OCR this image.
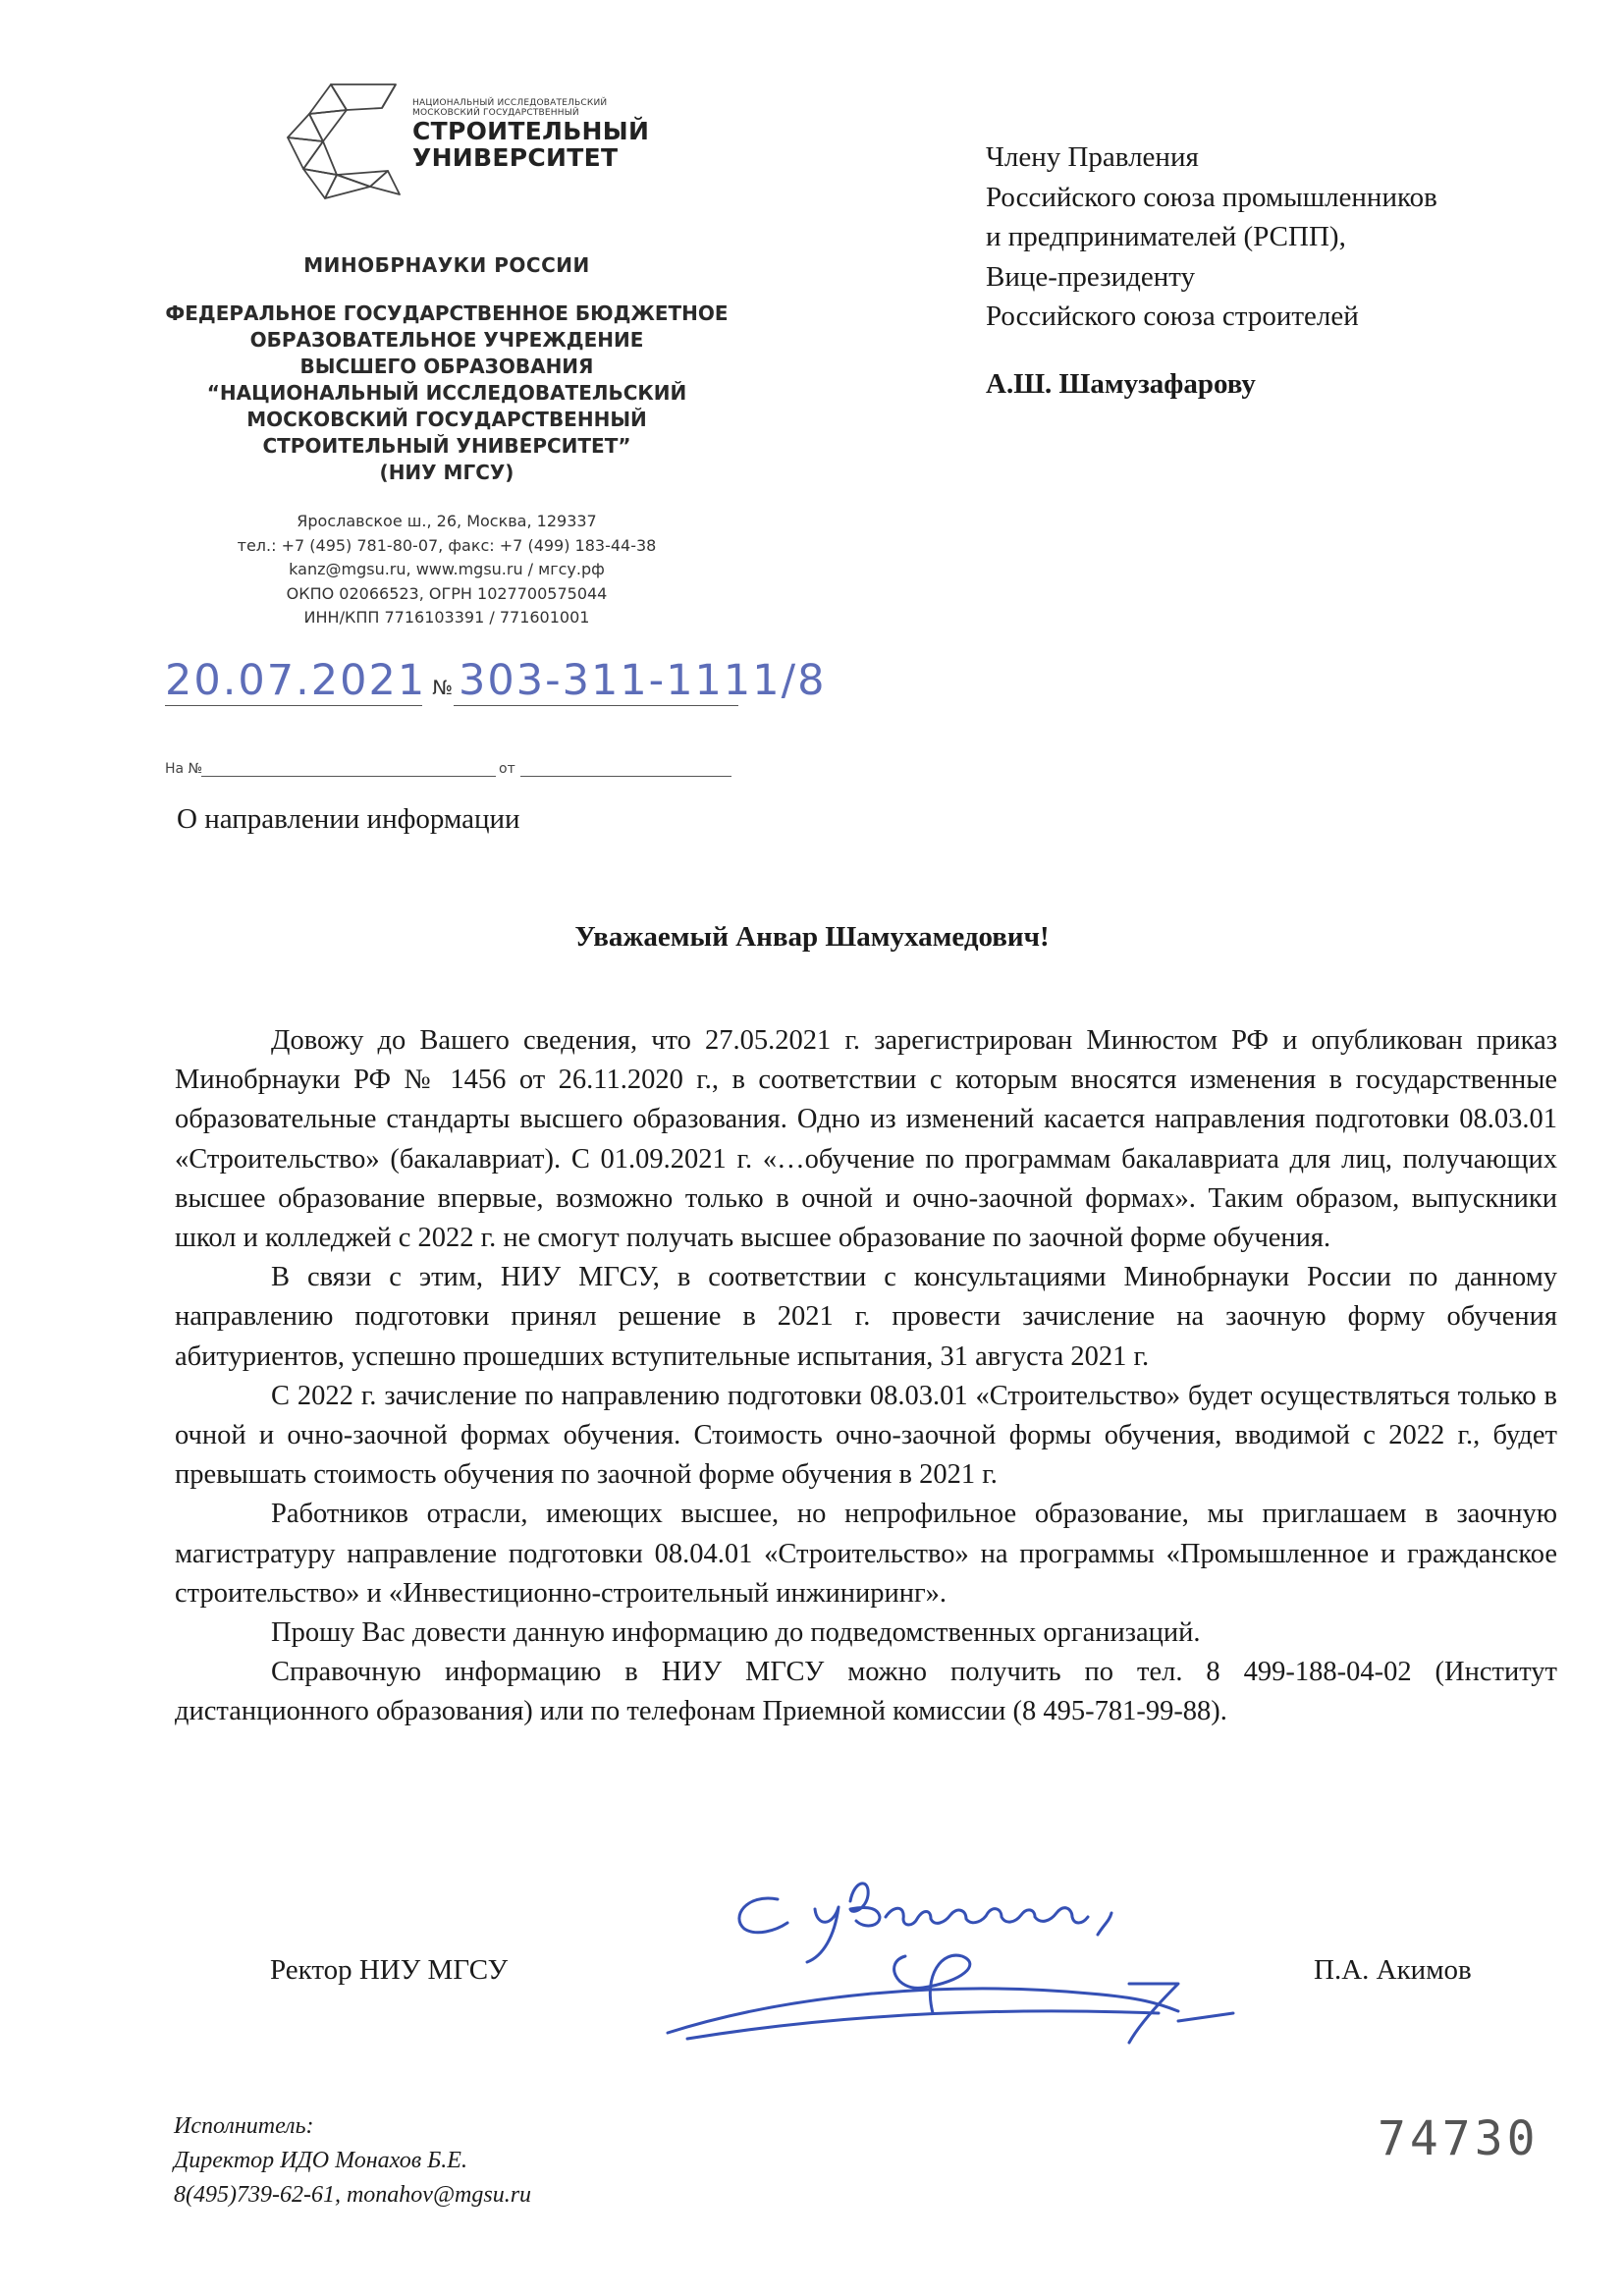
НАЦИОНАЛЬНЫЙ ИССЛЕДОВАТЕЛЬСКИЙ
МОСКОВСКИЙ ГОСУДАРСТВЕННЫЙ
СТРОИТЕЛЬНЫЙ
УНИВЕРСИТЕТ
МИНОБРНАУКИ РОССИИ
ФЕДЕРАЛЬНОЕ ГОСУДАРСТВЕННОЕ БЮДЖЕТНОЕ
ОБРАЗОВАТЕЛЬНОЕ УЧРЕЖДЕНИЕ
ВЫСШЕГО ОБРАЗОВАНИЯ
“НАЦИОНАЛЬНЫЙ ИССЛЕДОВАТЕЛЬСКИЙ
МОСКОВСКИЙ ГОСУДАРСТВЕННЫЙ
СТРОИТЕЛЬНЫЙ УНИВЕРСИТЕТ”
(НИУ МГСУ)
Ярославское ш., 26, Москва, 129337
тел.: +7 (495) 781-80-07, факс: +7 (499) 183-44-38
kanz@mgsu.ru, www.mgsu.ru / мгсу.рф
ОКПО 02066523, ОГРН 1027700575044
ИНН/КПП 7716103391 / 771601001
20.07.2021 № 303-311-1111/8
На №	от
О направлении информации
Члену Правления
Российского союза промышленников
и предпринимателей (РСПП),
Вице-президенту
Российского союза строителей
А.Ш. Шамузафарову
Уважаемый Анвар Шамухамедович!

Довожу до Вашего сведения, что 27.05.2021 г. зарегистрирован Минюстом РФ и опубликован приказ Минобрнауки РФ № 1456 от 26.11.2020 г., в соответствии с которым вносятся изменения в государственные образовательные стандарты высшего образования. Одно из изменений касается направления подготовки 08.03.01 «Строительство» (бакалавриат). С 01.09.2021 г. «…обучение по программам бакалавриата для лиц, получающих высшее образование впервые, возможно только в очной и очно-заочной формах». Таким образом, выпускники школ и колледжей с 2022 г. не смогут получать высшее образование по заочной форме обучения.

В связи с этим, НИУ МГСУ, в соответствии с консультациями Минобрнауки России по данному направлению подготовки принял решение в 2021 г. провести зачисление на заочную форму обучения абитуриентов, успешно прошедших вступительные испытания, 31 августа 2021 г.

С 2022 г. зачисление по направлению подготовки 08.03.01 «Строительство» будет осуществляться только в очной и очно-заочной формах обучения. Стоимость очно-заочной формы обучения, вводимой с 2022 г., будет превышать стоимость обучения по заочной форме обучения в 2021 г.

Работников отрасли, имеющих высшее, но непрофильное образование, мы приглашаем в заочную магистратуру направление подготовки 08.04.01 «Строительство» на программы «Промышленное и гражданское строительство» и «Инвестиционно-строительный инжиниринг».

Прошу Вас довести данную информацию до подведомственных организаций.

Справочную информацию в НИУ МГСУ можно получить по тел. 8 499-188-04-02 (Институт дистанционного образования) или по телефонам Приемной комиссии (8 495-781-99-88).

Ректор НИУ МГСУ	П.А. Акимов
Исполнитель:
Директор ИДО Монахов Б.Е.
8(495)739-62-61, monahov@mgsu.ru
74730
